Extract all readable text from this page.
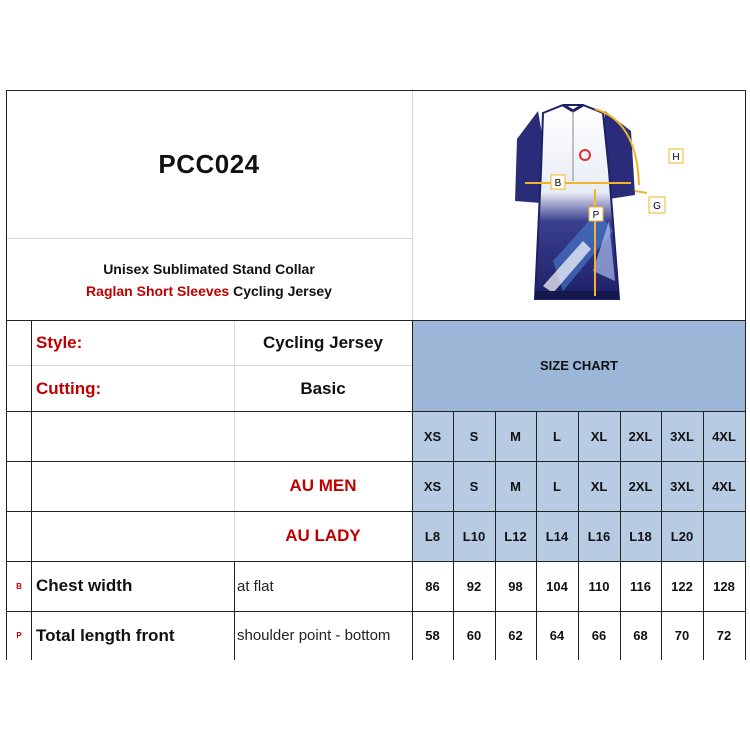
PCC024
Unisex Sublimated Stand Collar
Raglan Short Sleeves Cycling Jersey
H
B
G
P
Style:	Cycling Jersey
Cutting:	Basic
SIZE CHART
XS	S	M	L	XL	2XL	3XL	4XL
AU MEN	XS	S	M	L	XL	2XL	3XL	4XL
AU LADY	L8	L10	L12	L14	L16	L18	L20
B Chest width	at flat	86	92	98	104	110	116	122	128
P Total length front	shoulder point - bottom	58	60	62	64	66	68	70	72
